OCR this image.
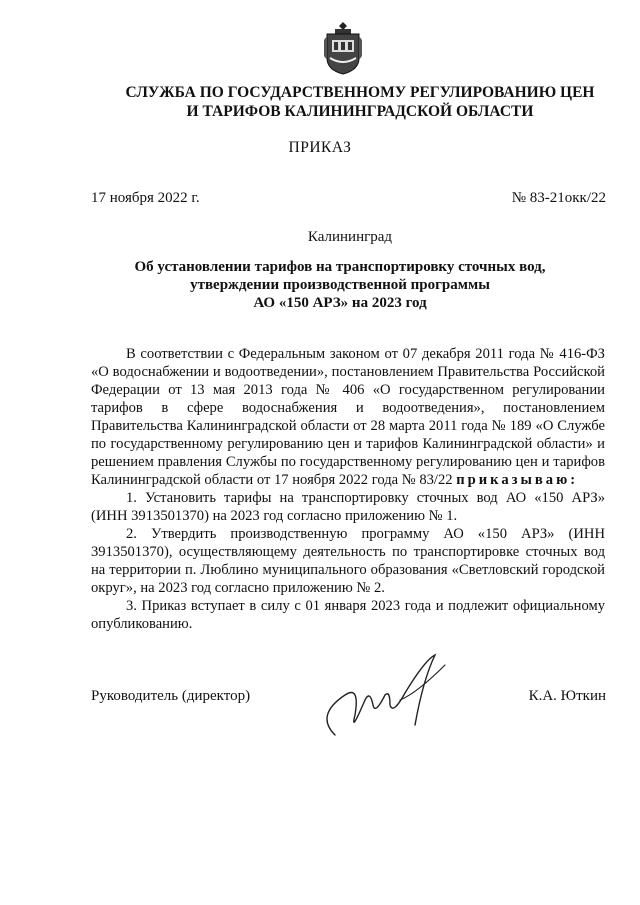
СЛУЖБА ПО ГОСУДАРСТВЕННОМУ РЕГУЛИРОВАНИЮ ЦЕН
И ТАРИФОВ КАЛИНИНГРАДСКОЙ ОБЛАСТИ
ПРИКАЗ
17 ноября 2022 г.	№ 83-21окк/22
Калининград
Об установлении тарифов на транспортировку сточных вод,
утверждении производственной программы
АО «150 АРЗ» на 2023 год

В соответствии с Федеральным законом от 07 декабря 2011 года № 416-ФЗ «О водоснабжении и водоотведении», постановлением Правительства Российской Федерации от 13 мая 2013 года № 406 «О государственном регулировании тарифов в сфере водоснабжения и водоотведения», постановлением Правительства Калининградской области от 28 марта 2011 года № 189 «О Службе по государственному регулированию цен и тарифов Калининградской области» и решением правления Службы по государственному регулированию цен и тарифов Калининградской области от 17 ноября 2022 года № 83/22 приказываю:

1. Установить тарифы на транспортировку сточных вод АО «150 АРЗ» (ИНН 3913501370) на 2023 год согласно приложению № 1.

2. Утвердить производственную программу АО «150 АРЗ» (ИНН 3913501370), осуществляющему деятельность по транспортировке сточных вод на территории п. Люблино муниципального образования «Светловский городской округ», на 2023 год согласно приложению № 2.

3. Приказ вступает в силу с 01 января 2023 года и подлежит официальному опубликованию.

Руководитель (директор)	К.А. Юткин
